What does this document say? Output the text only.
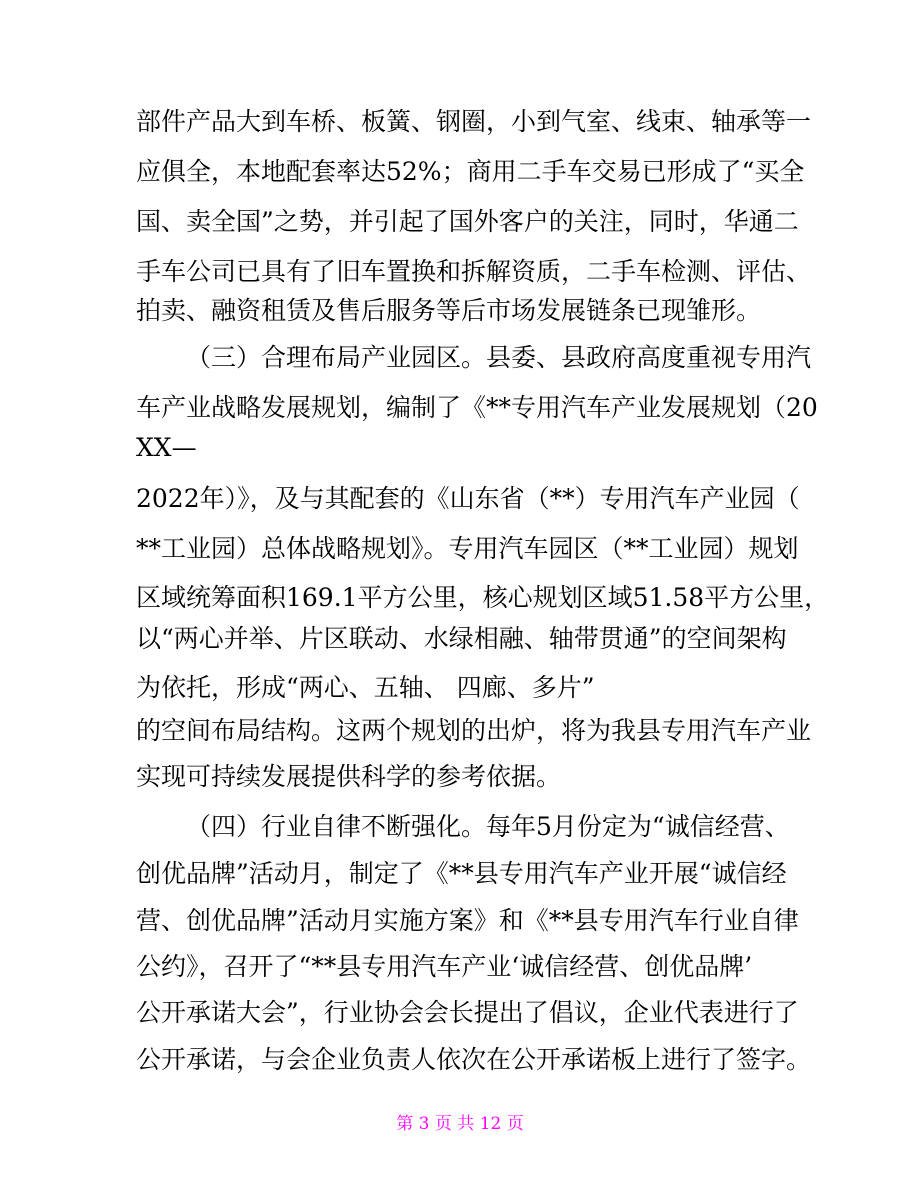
部件产品大到车桥、板簧、钢圈，小到气室、线束、轴承等一
应俱全，本地配套率达52%；商用二手车交易已形成了“买全
国、卖全国”之势，并引起了国外客户的关注，同时，华通二
手车公司已具有了旧车置换和拆解资质，二手车检测、评估、
拍卖、融资租赁及售后服务等后市场发展链条已现雏形。
（三）合理布局产业园区。县委、县政府高度重视专用汽
车产业战略发展规划，编制了《**专用汽车产业发展规划（20
XX—
2022年）》，及与其配套的《山东省（**）专用汽车产业园（
**工业园）总体战略规划》。专用汽车园区（**工业园）规划
区域统筹面积169.1平方公里，核心规划区域51.58平方公里，
以“两心并举、片区联动、水绿相融、轴带贯通”的空间架构
为依托，形成“两心、五轴、 四廊、多片”
的空间布局结构。这两个规划的出炉，将为我县专用汽车产业
实现可持续发展提供科学的参考依据。
（四）行业自律不断强化。每年5月份定为“诚信经营、
创优品牌”活动月，制定了《**县专用汽车产业开展“诚信经
营、创优品牌”活动月实施方案》和《**县专用汽车行业自律
公约》，召开了“**县专用汽车产业‘诚信经营、创优品牌’
公开承诺大会”，行业协会会长提出了倡议，企业代表进行了
公开承诺，与会企业负责人依次在公开承诺板上进行了签字。
第 3 页 共 12 页
